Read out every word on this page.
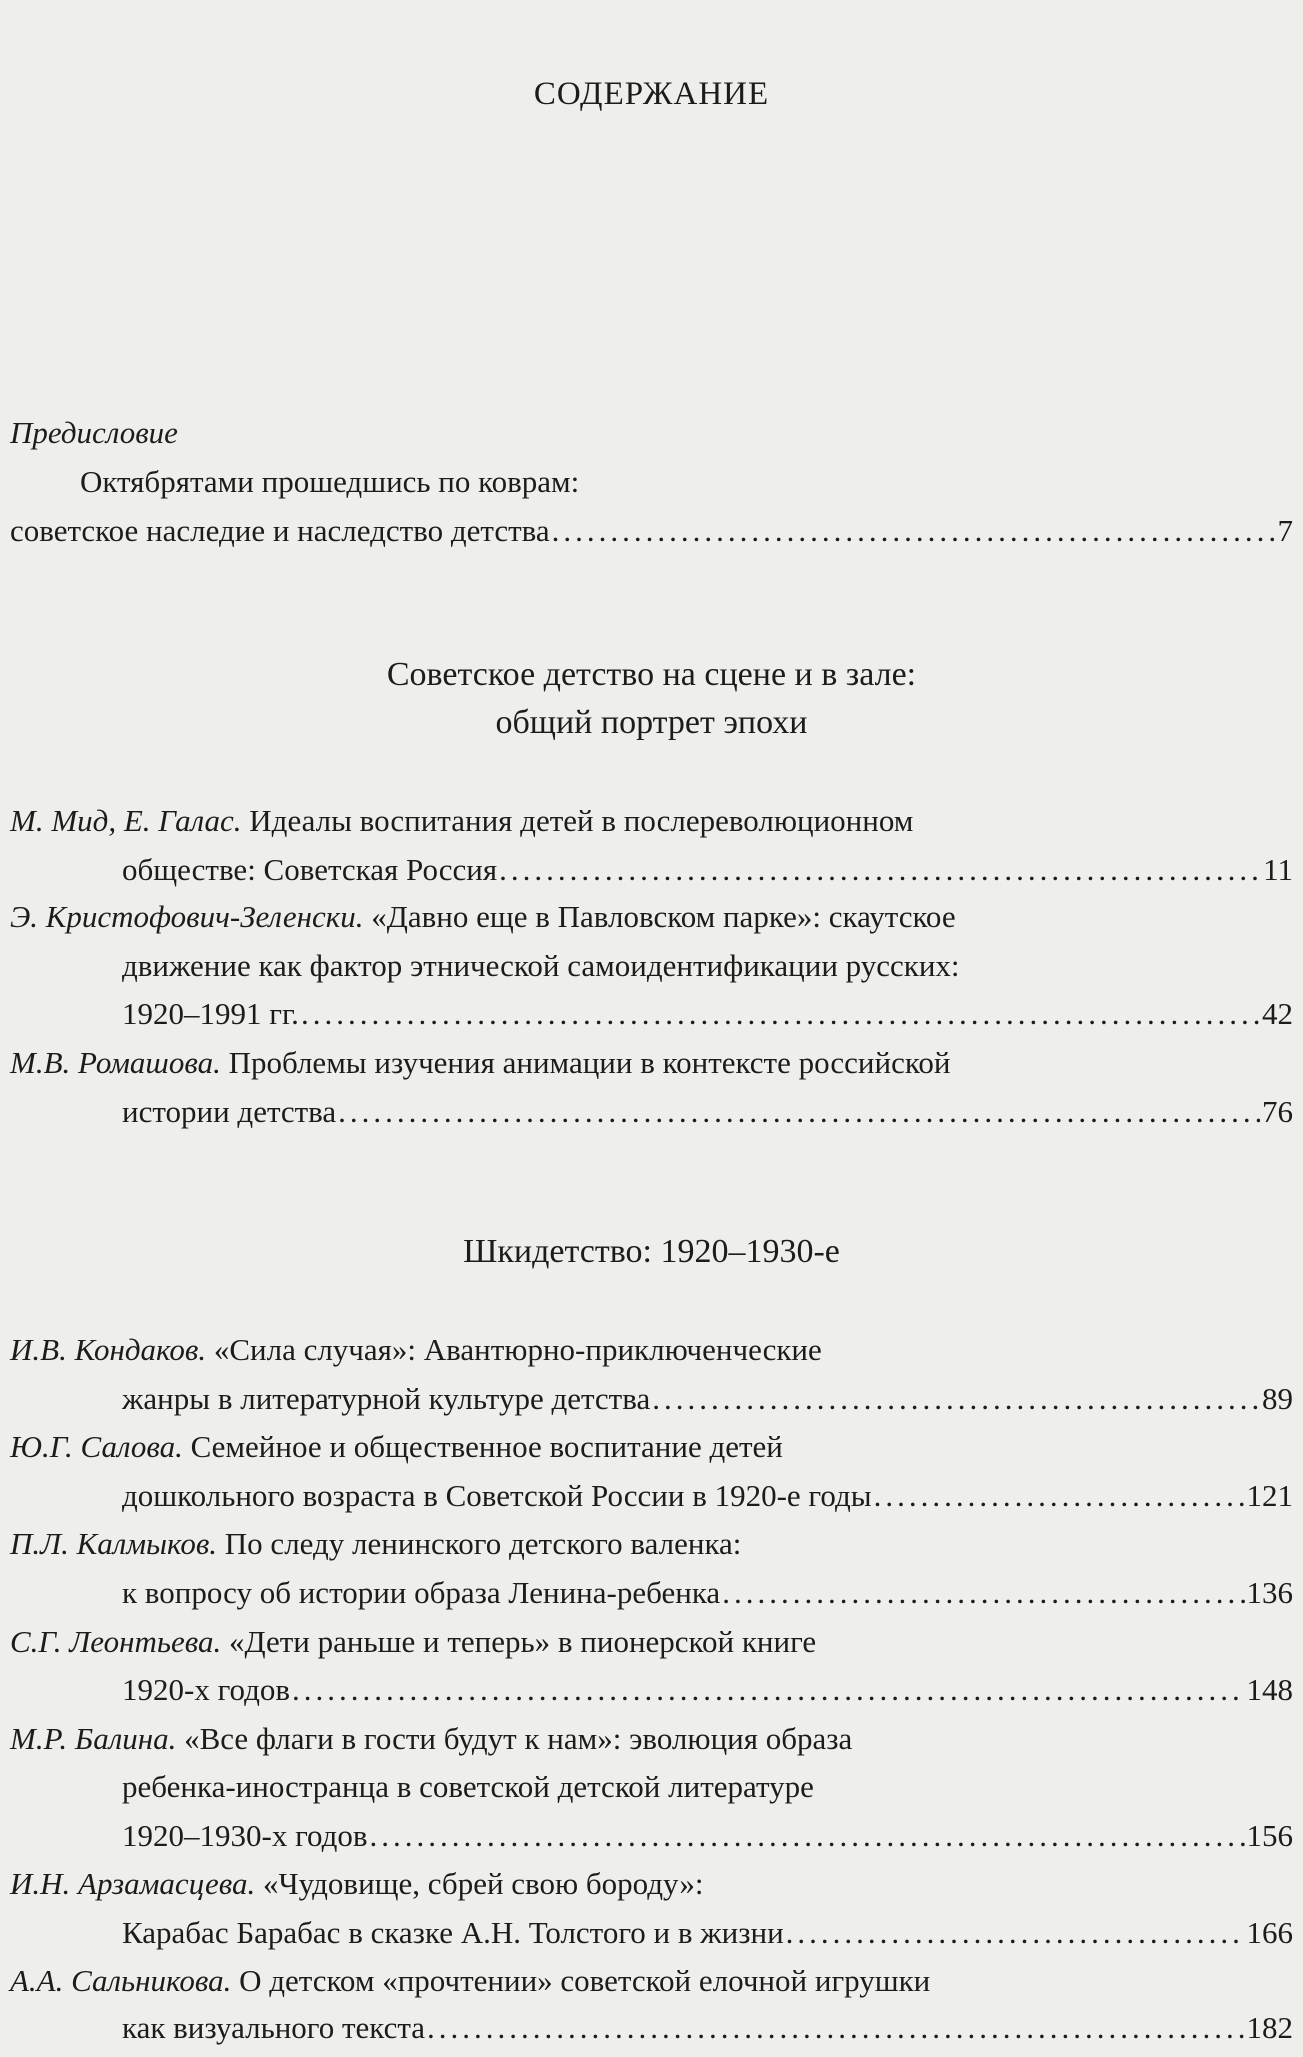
СОДЕРЖАНИЕ
Предисловие
Октябрятами прошедшись по коврам:
советское наследие и наследство детства .....	7
Советское детство на сцене и в зале:
общий портрет эпохи
М. Мид, Е. Галас. Идеалы воспитания детей в послереволюционном
обществе: Советская Россия .....	11
Э. Кристофович-Зеленски. «Давно еще в Павловском парке»: скаутское
движение как фактор этнической самоидентификации русских:
1920–1991 гг. .....	42
М.В. Ромашова. Проблемы изучения анимации в контексте российской
истории детства .....	76
Шкидетство: 1920–1930-е
И.В. Кондаков. «Сила случая»: Авантюрно-приключенческие
жанры в литературной культуре детства .....	89
Ю.Г. Салова. Семейное и общественное воспитание детей
дошкольного возраста в Советской России в 1920-е годы .....	121
П.Л. Калмыков. По следу ленинского детского валенка:
к вопросу об истории образа Ленина-ребенка .....	136
С.Г. Леонтьева. «Дети раньше и теперь» в пионерской книге
1920-х годов .....	148
М.Р. Балина. «Все флаги в гости будут к нам»: эволюция образа
ребенка-иностранца в советской детской литературе
1920–1930-х годов .....	156
И.Н. Арзамасцева. «Чудовище, сбрей свою бороду»:
Карабас Барабас в сказке А.Н. Толстого и в жизни .....	166
А.А. Сальникова. О детском «прочтении» советской елочной игрушки
как визуального текста .....	182
